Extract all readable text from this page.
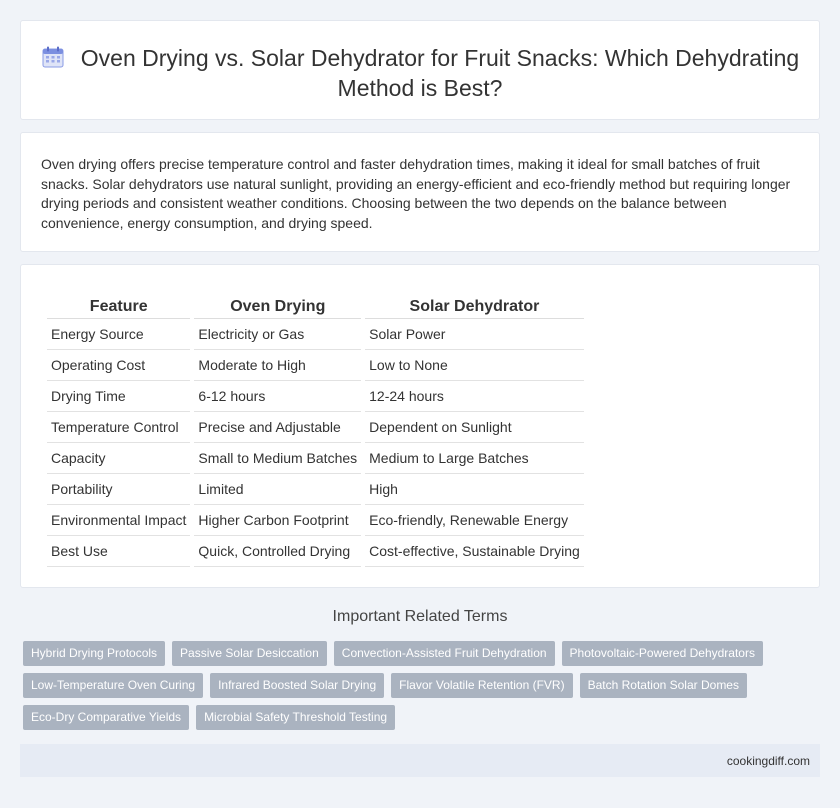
Oven Drying vs. Solar Dehydrator for Fruit Snacks: Which Dehydrating Method is Best?

Oven drying offers precise temperature control and faster dehydration times, making it ideal for small batches of fruit snacks. Solar dehydrators use natural sunlight, providing an energy-efficient and eco-friendly method but requiring longer drying periods and consistent weather conditions. Choosing between the two depends on the balance between convenience, energy consumption, and drying speed.

Feature	Oven Drying	Solar Dehydrator
Energy Source	Electricity or Gas	Solar Power
Operating Cost	Moderate to High	Low to None
Drying Time	6-12 hours	12-24 hours
Temperature Control	Precise and Adjustable	Dependent on Sunlight
Capacity	Small to Medium Batches	Medium to Large Batches
Portability	Limited	High
Environmental Impact	Higher Carbon Footprint	Eco-friendly, Renewable Energy
Best Use	Quick, Controlled Drying	Cost-effective, Sustainable Drying
Important Related Terms
Hybrid Drying Protocols	Passive Solar Desiccation	Convection-Assisted Fruit Dehydration	Photovoltaic-Powered Dehydrators
Low-Temperature Oven Curing	Infrared Boosted Solar Drying	Flavor Volatile Retention (FVR)	Batch Rotation Solar Domes
Eco-Dry Comparative Yields	Microbial Safety Threshold Testing
cookingdiff.com
